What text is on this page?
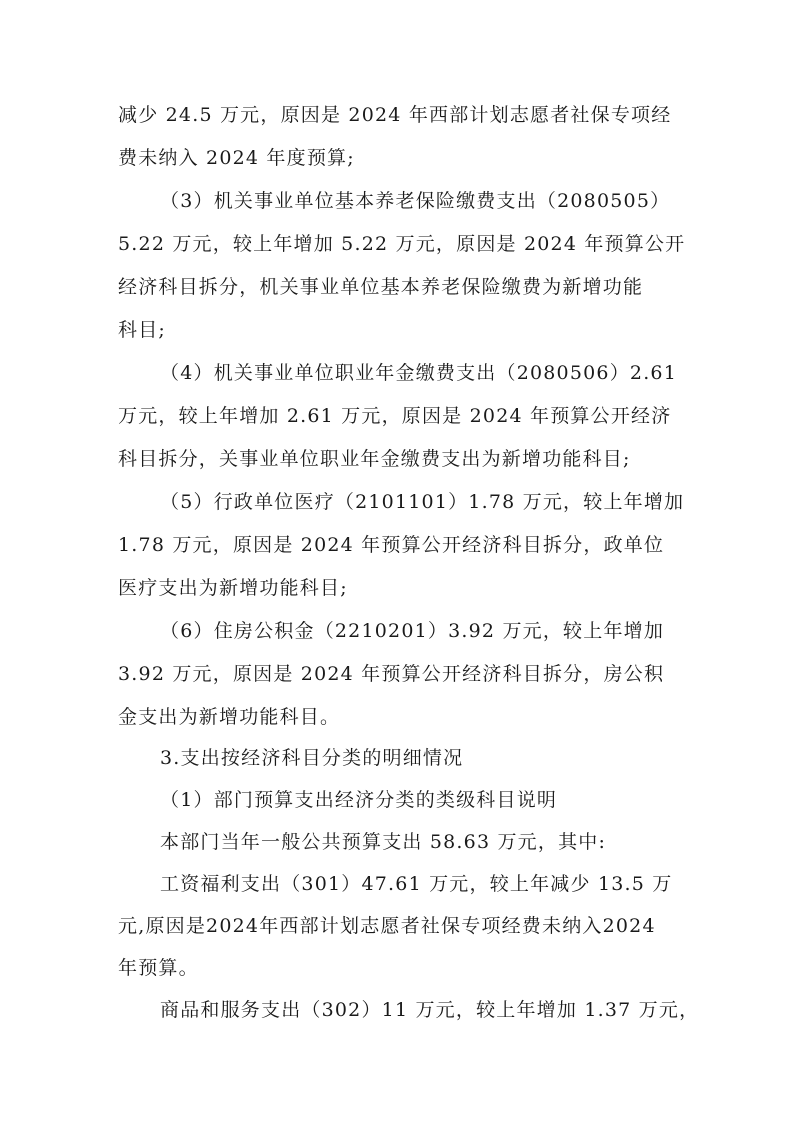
减少 24.5 万元，原因是 2024 年西部计划志愿者社保专项经
费未纳入 2024 年度预算;
（3）机关事业单位基本养老保险缴费支出（2080505）
5.22 万元，较上年增加 5.22 万元，原因是 2024 年预算公开
经济科目拆分，机关事业单位基本养老保险缴费为新增功能
科目;
（4）机关事业单位职业年金缴费支出（2080506）2.61
万元，较上年增加 2.61 万元，原因是 2024 年预算公开经济
科目拆分，关事业单位职业年金缴费支出为新增功能科目;
（5）行政单位医疗（2101101）1.78 万元，较上年增加
1.78 万元，原因是 2024 年预算公开经济科目拆分，政单位
医疗支出为新增功能科目;
（6）住房公积金（2210201）3.92 万元，较上年增加
3.92 万元，原因是 2024 年预算公开经济科目拆分，房公积
金支出为新增功能科目。
3.支出按经济科目分类的明细情况
（1）部门预算支出经济分类的类级科目说明
本部门当年一般公共预算支出 58.63 万元，其中:
工资福利支出（301）47.61 万元，较上年减少 13.5 万
元,原因是2024年西部计划志愿者社保专项经费未纳入2024
年预算。
商品和服务支出（302）11 万元，较上年增加 1.37 万元，
